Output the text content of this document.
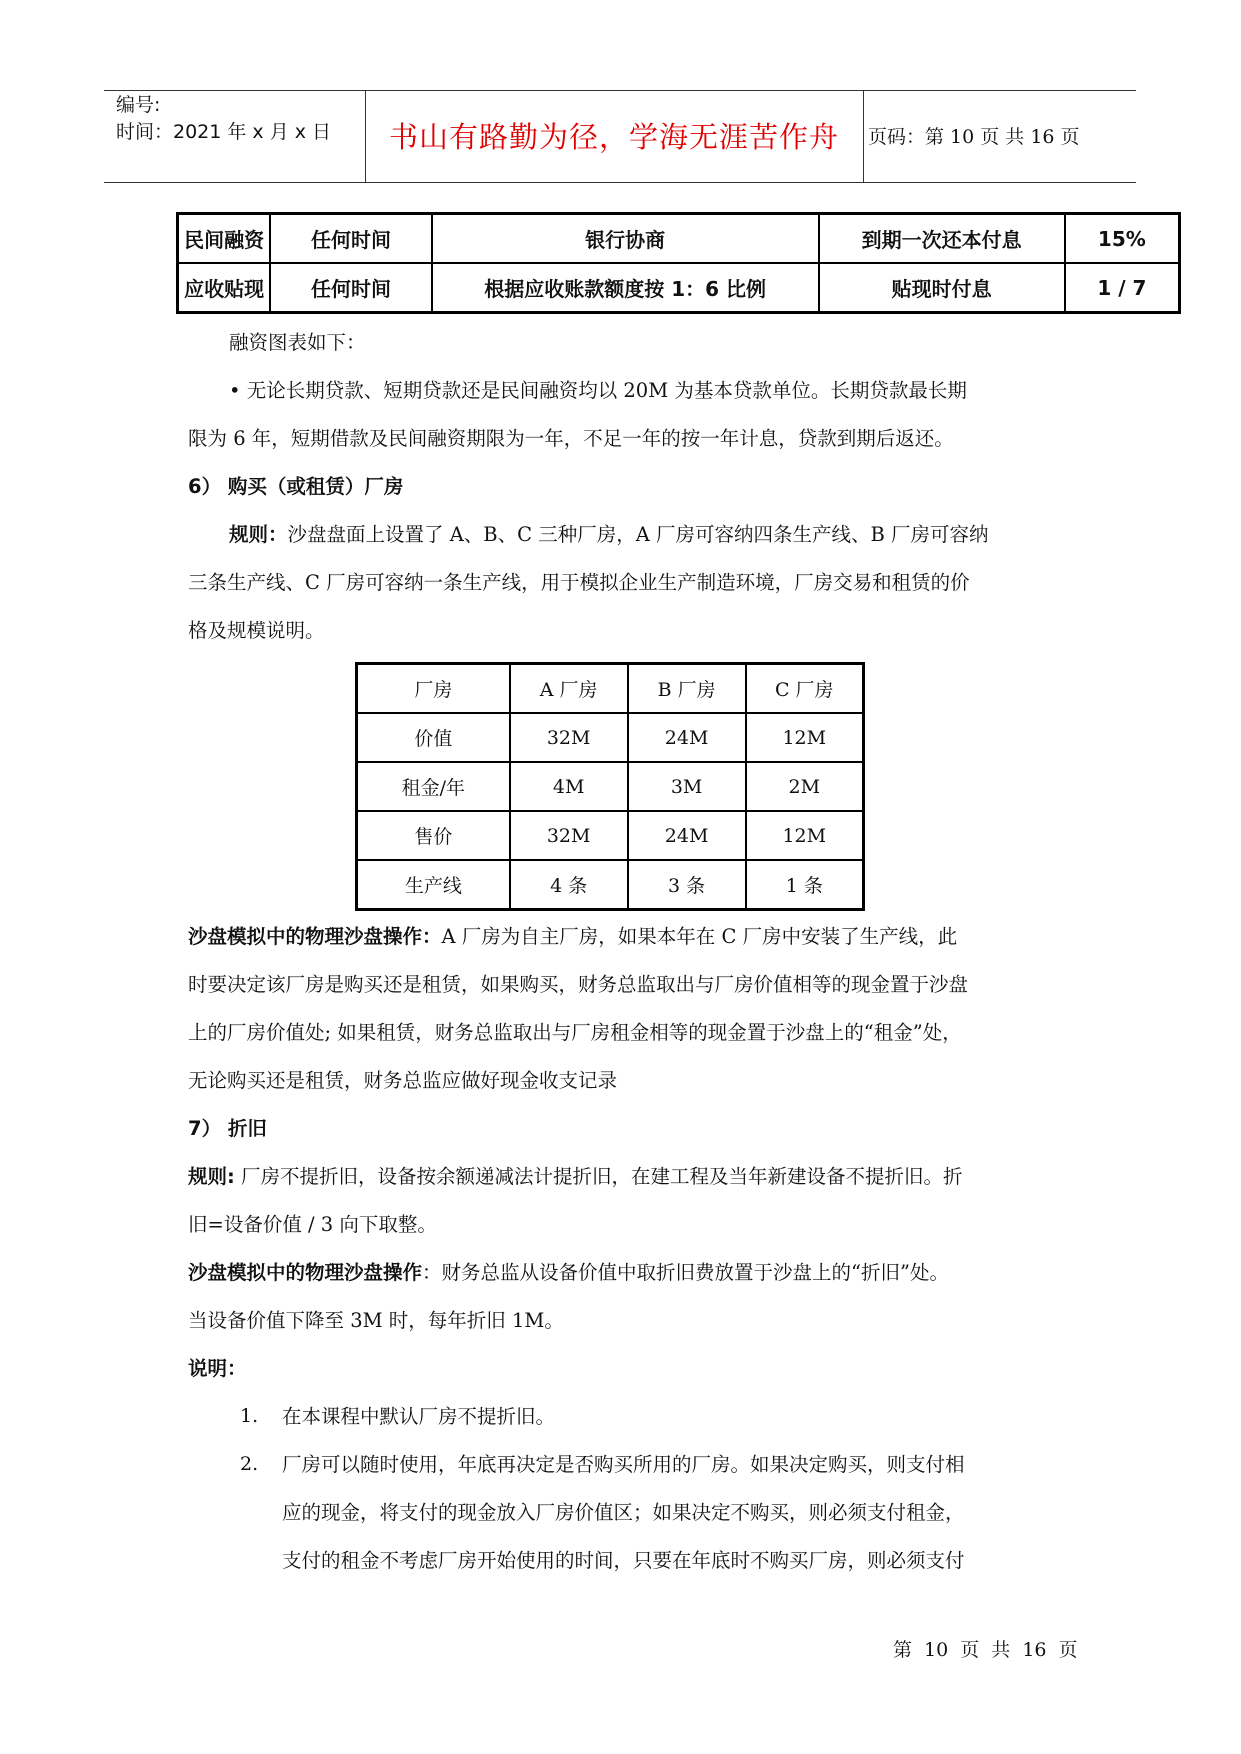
编号:
时间：2021 年 x 月 x 日	书山有路勤为径，学海无涯苦作舟	页码：第 10 页 共 16 页
民间融资	任何时间	银行协商	到期一次还本付息	15%
应收贴现	任何时间	根据应收账款额度按 1：6 比例	贴现时付息	1 / 7
融资图表如下：
• 无论长期贷款、短期贷款还是民间融资均以 20M 为基本贷款单位。长期贷款最长期
限为 6 年，短期借款及民间融资期限为一年，不足一年的按一年计息，贷款到期后返还。
6） 购买（或租赁）厂房
规则：沙盘盘面上设置了 A、B、C 三种厂房，A 厂房可容纳四条生产线、B 厂房可容纳
三条生产线、C 厂房可容纳一条生产线，用于模拟企业生产制造环境，厂房交易和租赁的价
格及规模说明。
厂房	A 厂房	B 厂房	C 厂房
价值	32M	24M	12M
租金/年	4M	3M	2M
售价	32M	24M	12M
生产线	4 条	3 条	1 条
沙盘模拟中的物理沙盘操作：A 厂房为自主厂房，如果本年在 C 厂房中安装了生产线，此
时要决定该厂房是购买还是租赁，如果购买，财务总监取出与厂房价值相等的现金置于沙盘
上的厂房价值处; 如果租赁，财务总监取出与厂房租金相等的现金置于沙盘上的“租金”处，
无论购买还是租赁，财务总监应做好现金收支记录
7） 折旧
规则: 厂房不提折旧，设备按余额递减法计提折旧，在建工程及当年新建设备不提折旧。折
旧=设备价值 / 3 向下取整。
沙盘模拟中的物理沙盘操作：财务总监从设备价值中取折旧费放置于沙盘上的“折旧”处。
当设备价值下降至 3M 时，每年折旧 1M。
说明：
1. 在本课程中默认厂房不提折旧。
2. 厂房可以随时使用，年底再决定是否购买所用的厂房。如果决定购买，则支付相
应的现金，将支付的现金放入厂房价值区；如果决定不购买，则必须支付租金，
支付的租金不考虑厂房开始使用的时间，只要在年底时不购买厂房，则必须支付
第 10 页 共 16 页
